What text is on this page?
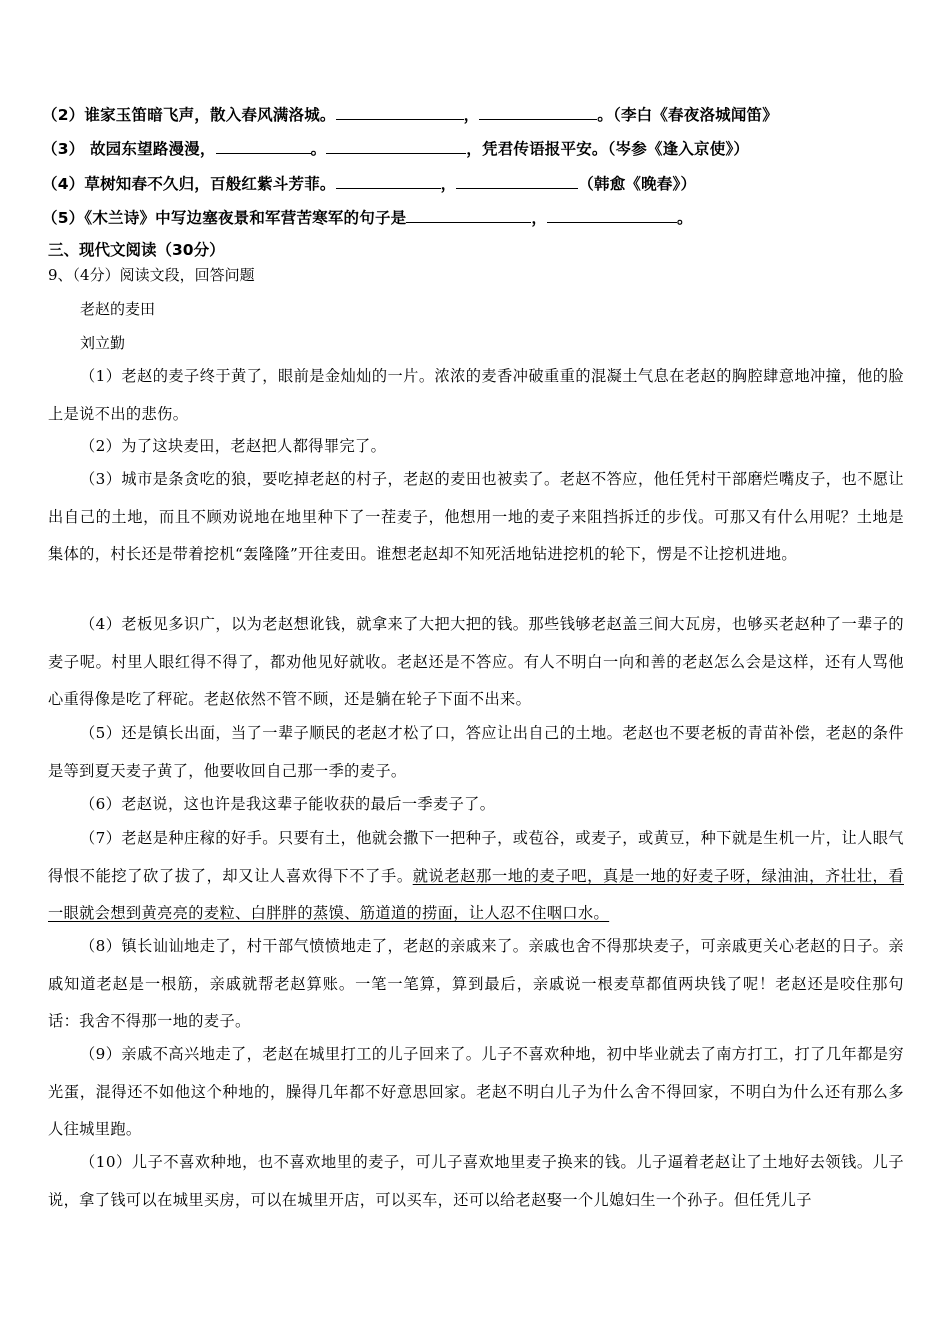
（2）谁家玉笛暗飞声，散入春风满洛城。	，	。（李白《春夜洛城闻笛》
（3） 故园东望路漫漫，	。	，凭君传语报平安。（岑参《逢入京使》）
（4）草树知春不久归，百般红紫斗芳菲。	，	（韩愈《晚春》）
（5）《木兰诗》中写边塞夜景和军营苦寒军的句子是	，	。
三、现代文阅读（30分）
9、（4分）阅读文段，回答问题
老赵的麦田
刘立勤

（1）老赵的麦子终于黄了，眼前是金灿灿的一片。浓浓的麦香冲破重重的混凝土气息在老赵的胸腔肆意地冲撞，他的脸上是说不出的悲伤。

（2）为了这块麦田，老赵把人都得罪完了。

（3）城市是条贪吃的狼，要吃掉老赵的村子，老赵的麦田也被卖了。老赵不答应，他任凭村干部磨烂嘴皮子，也不愿让出自己的土地，而且不顾劝说地在地里种下了一茬麦子，他想用一地的麦子来阻挡拆迁的步伐。可那又有什么用呢？土地是集体的，村长还是带着挖机“轰隆隆”开往麦田。谁想老赵却不知死活地钻进挖机的轮下，愣是不让挖机进地。

（4）老板见多识广，以为老赵想讹钱，就拿来了大把大把的钱。那些钱够老赵盖三间大瓦房，也够买老赵种了一辈子的麦子呢。村里人眼红得不得了，都劝他见好就收。老赵还是不答应。有人不明白一向和善的老赵怎么会是这样，还有人骂他心重得像是吃了秤砣。老赵依然不管不顾，还是躺在轮子下面不出来。

（5）还是镇长出面，当了一辈子顺民的老赵才松了口，答应让出自己的土地。老赵也不要老板的青苗补偿，老赵的条件是等到夏天麦子黄了，他要收回自己那一季的麦子。

（6）老赵说，这也许是我这辈子能收获的最后一季麦子了。

（7）老赵是种庄稼的好手。只要有土，他就会撒下一把种子，或苞谷，或麦子，或黄豆，种下就是生机一片，让人眼气得恨不能挖了砍了拔了，却又让人喜欢得下不了手。就说老赵那一地的麦子吧，真是一地的好麦子呀，绿油油，齐壮壮，看一眼就会想到黄亮亮的麦粒、白胖胖的蒸馍、筋道道的捞面，让人忍不住咽口水。

（8）镇长讪讪地走了，村干部气愤愤地走了，老赵的亲戚来了。亲戚也舍不得那块麦子，可亲戚更关心老赵的日子。亲戚知道老赵是一根筋，亲戚就帮老赵算账。一笔一笔算，算到最后，亲戚说一根麦草都值两块钱了呢！老赵还是咬住那句话：我舍不得那一地的麦子。

（9）亲戚不高兴地走了，老赵在城里打工的儿子回来了。儿子不喜欢种地，初中毕业就去了南方打工，打了几年都是穷光蛋，混得还不如他这个种地的，臊得几年都不好意思回家。老赵不明白儿子为什么舍不得回家，不明白为什么还有那么多人往城里跑。

（10）儿子不喜欢种地，也不喜欢地里的麦子，可儿子喜欢地里麦子换来的钱。儿子逼着老赵让了土地好去领钱。儿子说，拿了钱可以在城里买房，可以在城里开店，可以买车，还可以给老赵娶一个儿媳妇生一个孙子。但任凭儿子
